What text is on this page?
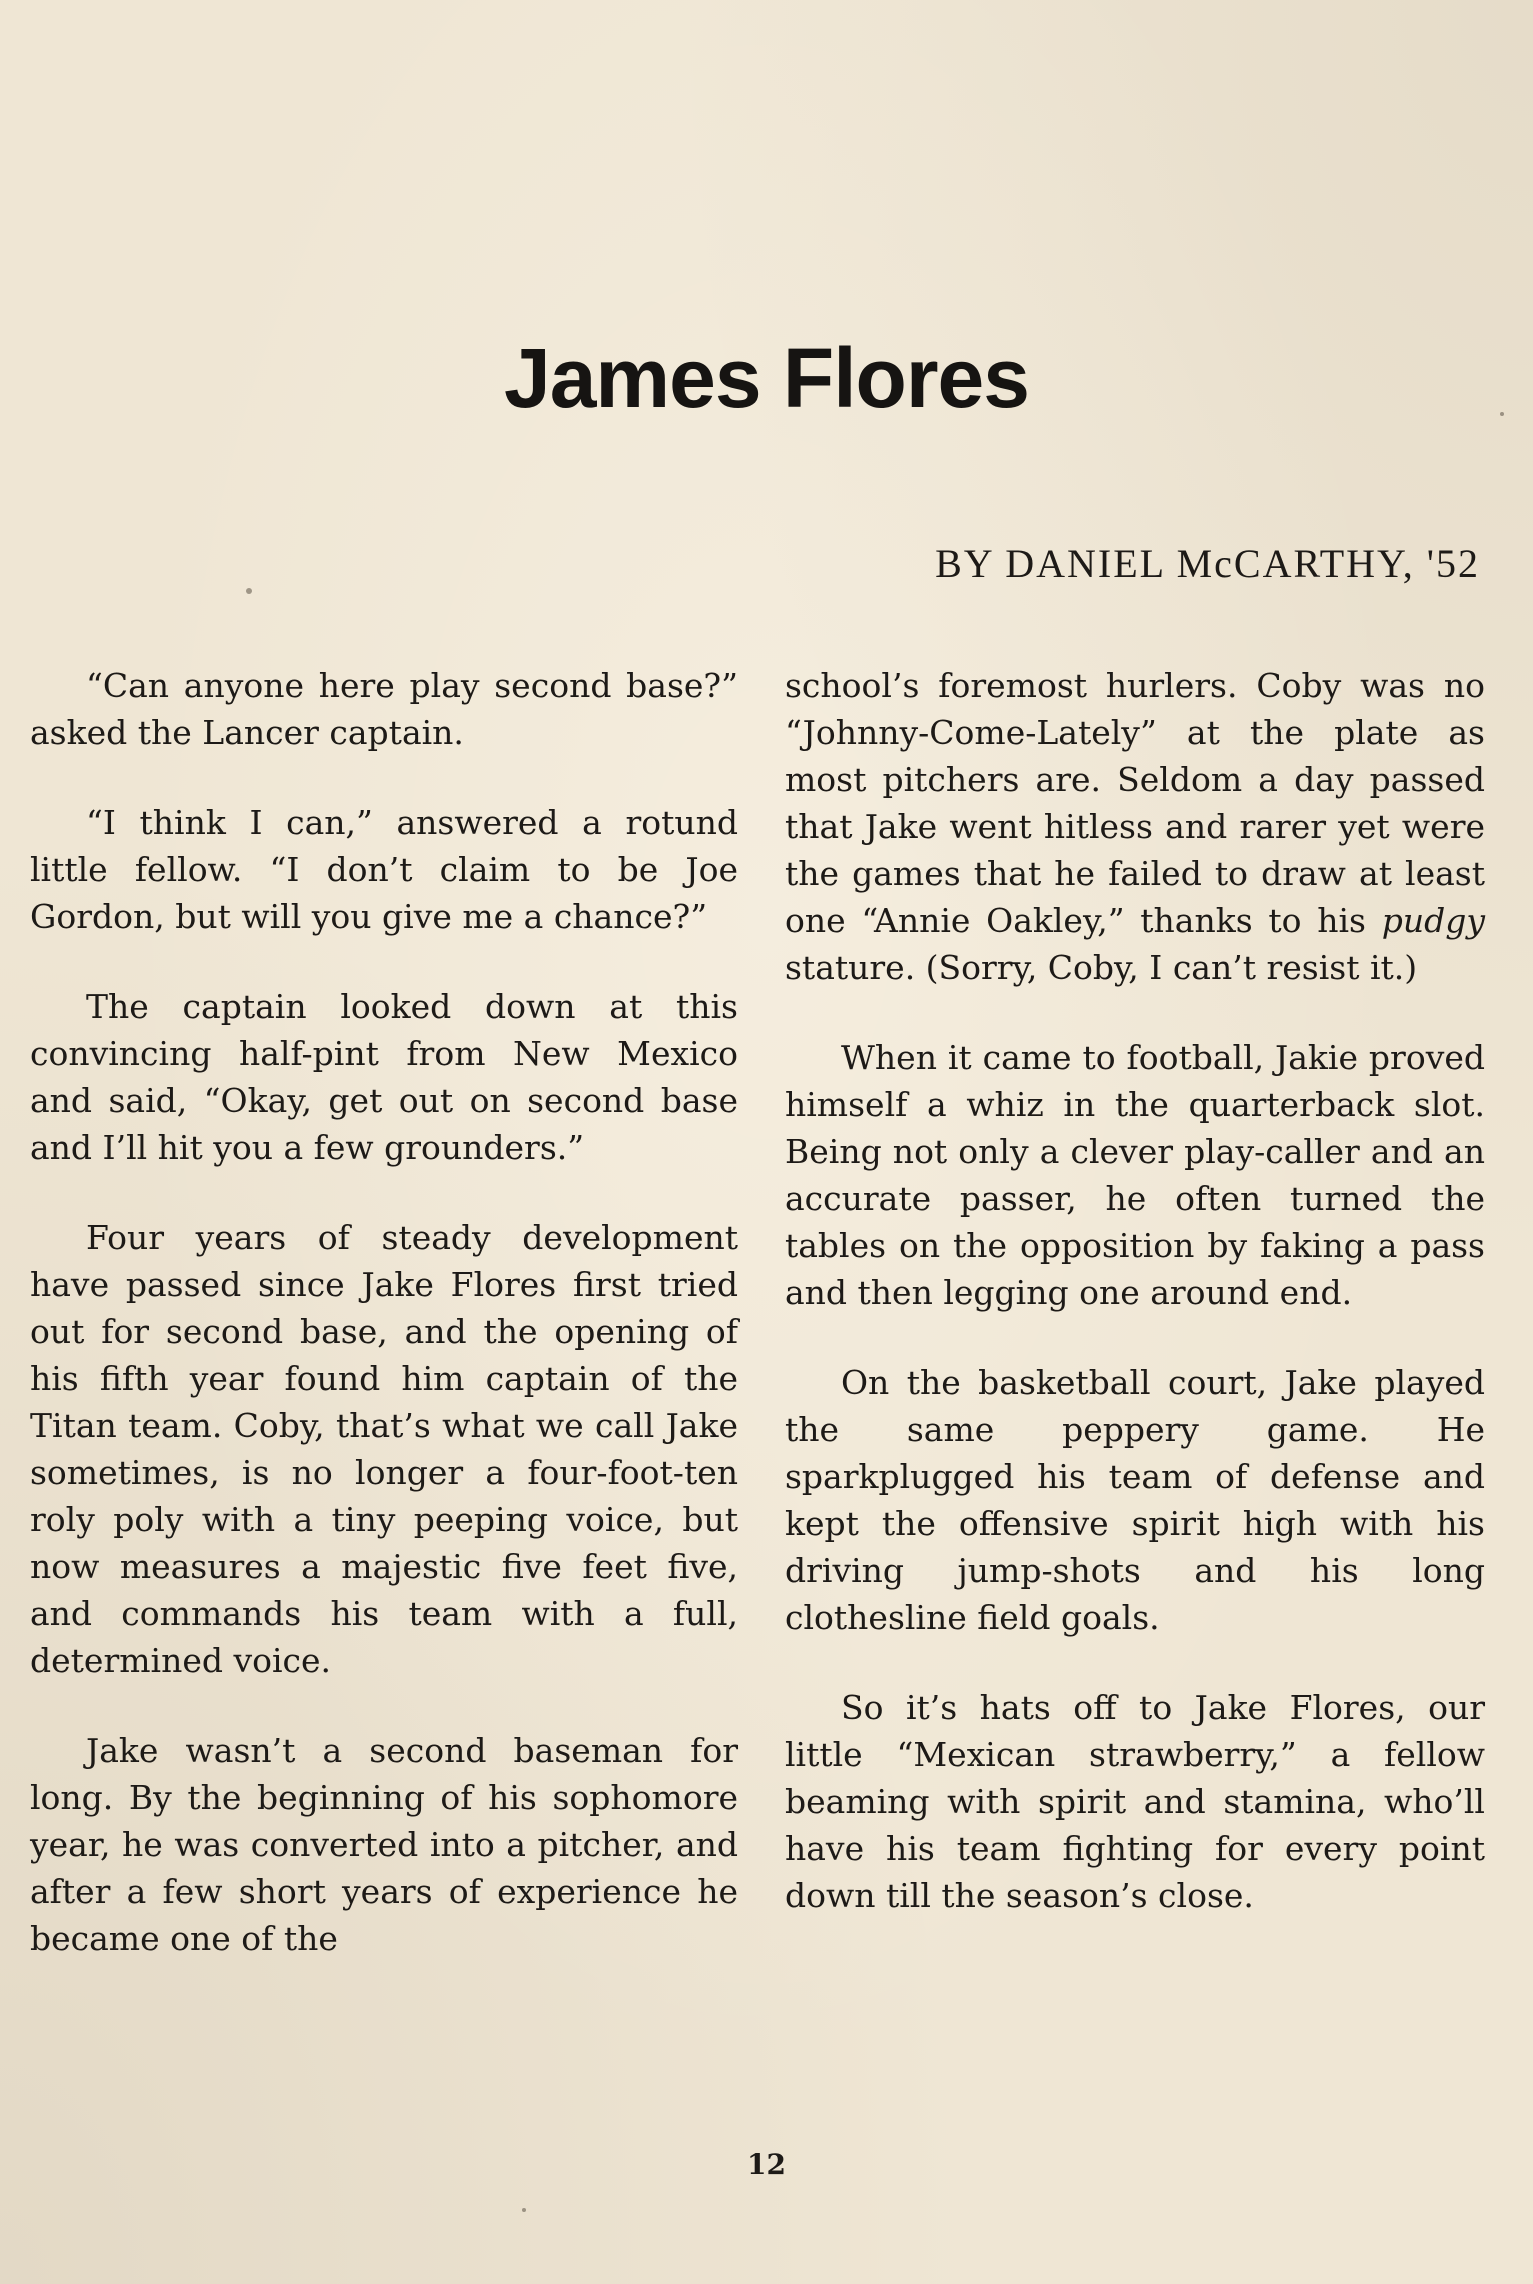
James Flores
BY DANIEL McCARTHY, '52

“Can anyone here play second base?” asked the Lancer captain.

“I think I can,” answered a rotund little fellow. “I don’t claim to be Joe Gordon, but will you give me a chance?”

The captain looked down at this convincing half-pint from New Mexico and said, “Okay, get out on second base and I’ll hit you a few grounders.”

Four years of steady development have passed since Jake Flores first tried out for second base, and the opening of his fifth year found him captain of the Titan team. Coby, that’s what we call Jake sometimes, is no longer a four-foot-ten roly poly with a tiny peeping voice, but now measures a majestic five feet five, and commands his team with a full, determined voice.

Jake wasn’t a second baseman for long. By the beginning of his sophomore year, he was converted into a pitcher, and after a few short years of experience he became one of the

school’s foremost hurlers. Coby was no “Johnny-Come-Lately” at the plate as most pitchers are. Seldom a day passed that Jake went hitless and rarer yet were the games that he failed to draw at least one “Annie Oakley,” thanks to his pudgy stature. (Sorry, Coby, I can’t resist it.)

When it came to football, Jakie proved himself a whiz in the quarterback slot. Being not only a clever play-caller and an accurate passer, he often turned the tables on the opposition by faking a pass and then legging one around end.

On the basketball court, Jake played the same peppery game. He sparkplugged his team of defense and kept the offensive spirit high with his driving jump-shots and his long clothesline field goals.

So it’s hats off to Jake Flores, our little “Mexican strawberry,” a fellow beaming with spirit and stamina, who’ll have his team fighting for every point down till the season’s close.

12
